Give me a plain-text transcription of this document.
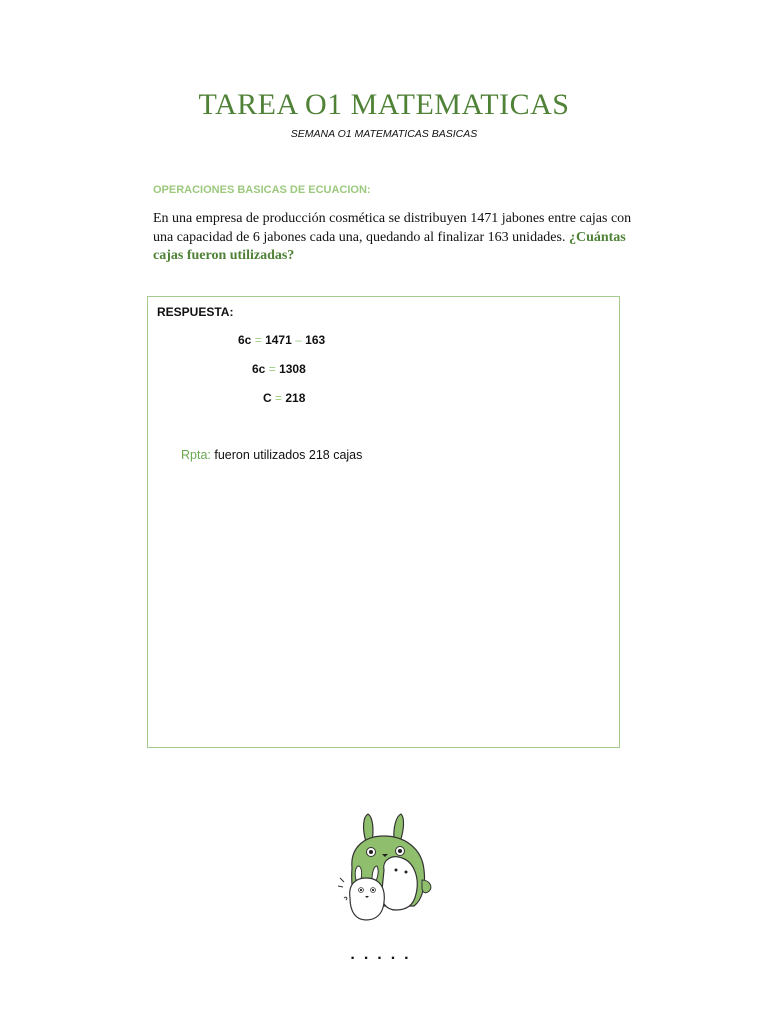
TAREA O1 MATEMATICAS
SEMANA O1 MATEMATICAS BASICAS
OPERACIONES BASICAS DE ECUACION:
En una empresa de producción cosmética se distribuyen 1471 jabones entre cajas con una capacidad de 6 jabones cada una, quedando al finalizar 163 unidades. ¿Cuántas cajas fueron utilizadas?
RESPUESTA:
6c = 1471 – 163
6c = 1308
C = 218
Rpta: fueron utilizados 218 cajas
.....
